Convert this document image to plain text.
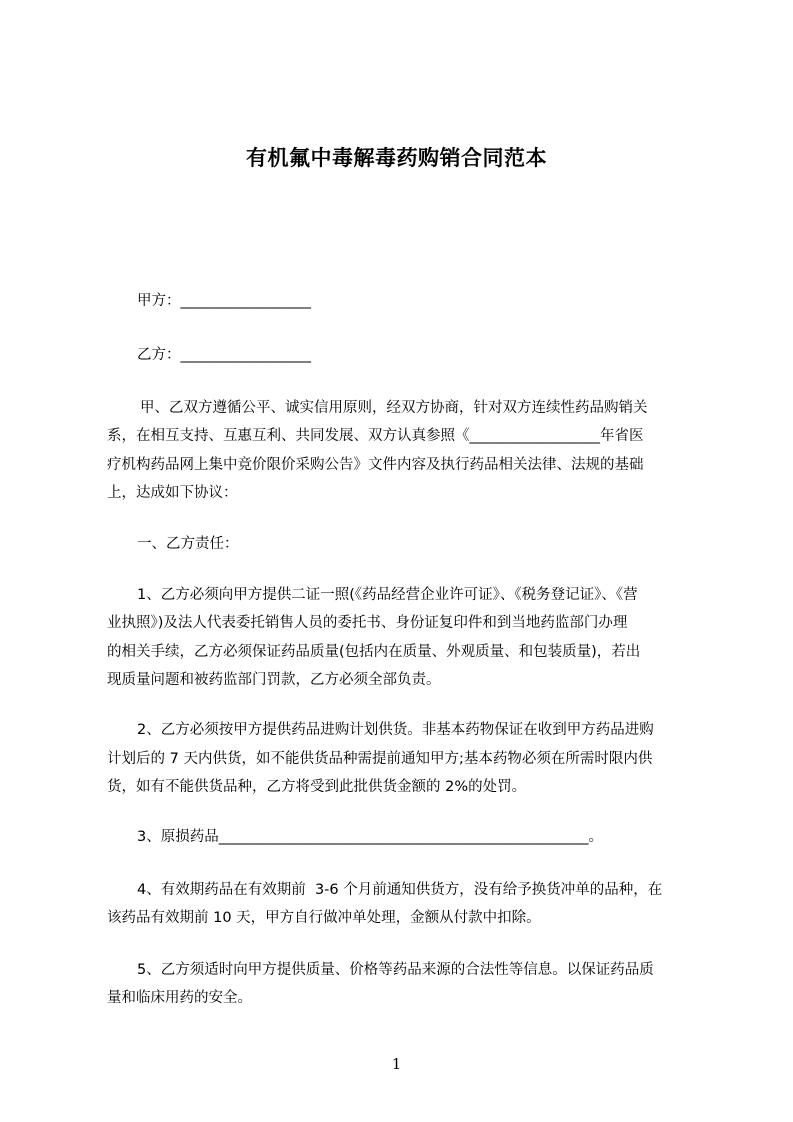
有机氟中毒解毒药购销合同范本
甲方：__________________
乙方：__________________
甲、乙双方遵循公平、诚实信用原则，经双方协商，针对双方连续性药品购销关
系，在相互支持、互惠互利、共同发展、双方认真参照《__________________年省医
疗机构药品网上集中竞价限价采购公告》文件内容及执行药品相关法律、法规的基础
上，达成如下协议：
一、乙方责任：
1、乙方必须向甲方提供二证一照(《药品经营企业许可证》、《税务登记证》、《营
业执照》)及法人代表委托销售人员的委托书、身份证复印件和到当地药监部门办理
的相关手续，乙方必须保证药品质量(包括内在质量、外观质量、和包装质量)，若出
现质量问题和被药监部门罚款，乙方必须全部负责。
2、乙方必须按甲方提供药品进购计划供货。非基本药物保证在收到甲方药品进购
计划后的 7 天内供货，如不能供货品种需提前通知甲方;基本药物必须在所需时限内供
货，如有不能供货品种，乙方将受到此批供货金额的 2%的处罚。
3、原损药品___________________________________________________。
4、有效期药品在有效期前  3-6 个月前通知供货方，没有给予换货冲单的品种，在
该药品有效期前 10 天，甲方自行做冲单处理，金额从付款中扣除。
5、乙方须适时向甲方提供质量、价格等药品来源的合法性等信息。以保证药品质
量和临床用药的安全。
1
